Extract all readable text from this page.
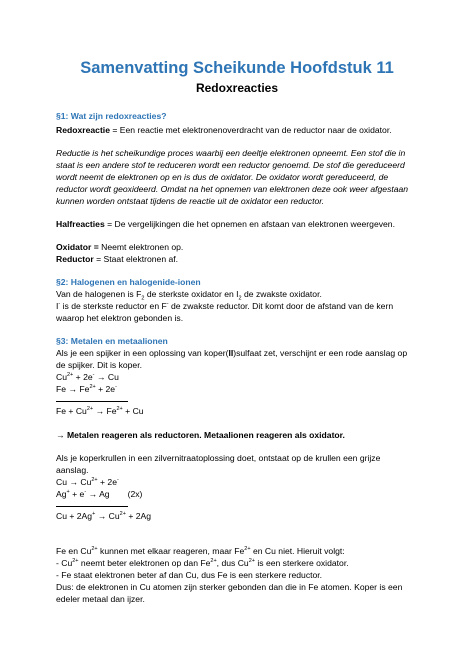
Samenvatting Scheikunde Hoofdstuk 11
Redoxreacties
§1: Wat zijn redoxreacties?
Redoxreactie = Een reactie met elektronenoverdracht van de reductor naar de oxidator.
Reductie is het scheikundige proces waarbij een deeltje elektronen opneemt. Een stof die in
staat is een andere stof te reduceren wordt een reductor genoemd. De stof die gereduceerd
wordt neemt de elektronen op en is dus de oxidator. De oxidator wordt gereduceerd, de
reductor wordt geoxideerd. Omdat na het opnemen van elektronen deze ook weer afgestaan
kunnen worden ontstaat tijdens de reactie uit de oxidator een reductor.
Halfreacties = De vergelijkingen die het opnemen en afstaan van elektronen weergeven.
Oxidator = Neemt elektronen op.
Reductor = Staat elektronen af.
§2: Halogenen en halogenide-ionen
Van de halogenen is $F_2$ de sterkste oxidator en $I_2$ de zwakste oxidator.
I- is de sterkste reductor en F- de zwakste reductor. Dit komt door de afstand van de kern
waarop het elektron gebonden is.
§3: Metalen en metaalionen
Als je een spijker in een oplossing van koper(II)sulfaat zet, verschijnt er een rode aanslag op
de spijker. Dit is koper.
$Cu^{2+} + 2e^- \to Cu$
$Fe \to Fe^{2+} + 2e^-$
$Fe + Cu^{2+} \to Fe^{2+} + Cu$
→ Metalen reageren als reductoren. Metaalionen reageren als oxidator.
Als je koperkrullen in een zilvernitraatoplossing doet, ontstaat op de krullen een grijze
aanslag.
$Cu \to Cu^{2+} + 2e^-$
Ag+ + e- → Ag (2x)
$Cu + 2Ag^+ \to Cu^{2+} + 2Ag$
Fe en $Cu^{2+}$ kunnen met elkaar reageren, maar $Fe^{2+}$ en Cu niet. Hieruit volgt:
- $Cu^{2+}$ neemt beter elektronen op dan $Fe^{2+}$, dus $Cu^{2+}$ is een sterkere oxidator.
- Fe staat elektronen beter af dan Cu, dus Fe is een sterkere reductor.
Dus: de elektronen in Cu atomen zijn sterker gebonden dan die in Fe atomen. Koper is een
edeler metaal dan ijzer.
